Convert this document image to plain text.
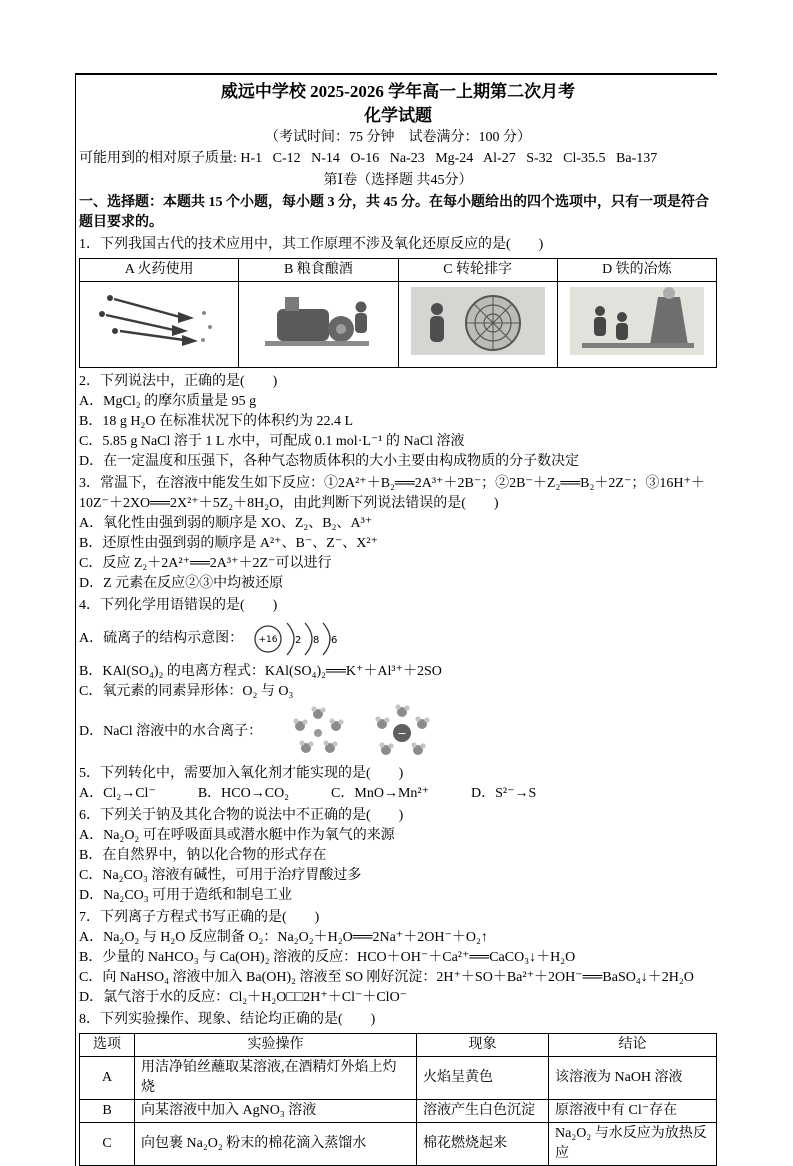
威远中学校 2025-2026 学年高一上期第二次月考
化学试题
（考试时间：75 分钟　试卷满分：100 分）
可能用到的相对原子质量: H-1   C-12   N-14   O-16   Na-23   Mg-24   Al-27   S-32   Cl-35.5   Ba-137
第Ⅰ卷（选择题 共45分）
一、选择题：本题共 15 个小题，每小题 3 分，共 45 分。在每小题给出的四个选项中，只有一项是符合题目要求的。
1．下列我国古代的技术应用中，其工作原理不涉及氧化还原反应的是(　　)
A 火药使用	B 粮食酿酒	C 转轮排字	D 铁的冶炼

2．下列说法中，正确的是(　　)
A．MgCl₂ 的摩尔质量是 95 g
B．18 g H₂O 在标准状况下的体积约为 22.4 L
C．5.85 g NaCl 溶于 1 L 水中，可配成 0.1 mol·L⁻¹ 的 NaCl 溶液
D．在一定温度和压强下，各种气态物质体积的大小主要由构成物质的分子数决定
3．常温下，在溶液中能发生如下反应：①2A²⁺＋B₂══2A³⁺＋2B⁻；②2B⁻＋Z₂══B₂＋2Z⁻；③16H⁺＋10Z⁻＋2XO══2X²⁺＋5Z₂＋8H₂O，由此判断下列说法错误的是(　　)
A．氧化性由强到弱的顺序是 XO、Z₂、B₂、A³⁺
B．还原性由强到弱的顺序是 A²⁺、B⁻、Z⁻、X²⁺
C．反应 Z₂＋2A²⁺══2A³⁺＋2Z⁻可以进行
D．Z 元素在反应②③中均被还原
4．下列化学用语错误的是(　　)
A．硫离子的结构示意图： +16 2 8 6
B．KAl(SO₄)₂ 的电离方程式：KAl(SO₄)₂══K⁺＋Al³⁺＋2SO
C．氧元素的同素异形体：O₂ 与 O₃
D．NaCl 溶液中的水合离子：	−
5．下列转化中，需要加入氧化剂才能实现的是(　　)
A．Cl₂→Cl⁻　　　B．HCO→CO₂　　　C．MnO→Mn²⁺　　　D．S²⁻→S
6．下列关于钠及其化合物的说法中不正确的是(　　)
A．Na₂O₂ 可在呼吸面具或潜水艇中作为氧气的来源
B．在自然界中，钠以化合物的形式存在
C．Na₂CO₃ 溶液有碱性，可用于治疗胃酸过多
D．Na₂CO₃ 可用于造纸和制皂工业
7．下列离子方程式书写正确的是(　　)
A．Na₂O₂ 与 H₂O 反应制备 O₂：Na₂O₂＋H₂O══2Na⁺＋2OH⁻＋O₂↑
B．少量的 NaHCO₃ 与 Ca(OH)₂ 溶液的反应：HCO＋OH⁻＋Ca²⁺══CaCO₃↓＋H₂O
C．向 NaHSO₄ 溶液中加入 Ba(OH)₂ 溶液至 SO 刚好沉淀：2H⁺＋SO＋Ba²⁺＋2OH⁻══BaSO₄↓＋2H₂O
D．氯气溶于水的反应：Cl₂＋H₂O□□2H⁺＋Cl⁻＋ClO⁻
8．下列实验操作、现象、结论均正确的是(　　)
选项	实验操作	现象	结论
A	用洁净铂丝蘸取某溶液,在酒精灯外焰上灼烧	火焰呈黄色	该溶液为 NaOH 溶液
B	向某溶液中加入 AgNO₃ 溶液	溶液产生白色沉淀	原溶液中有 Cl⁻存在
C	向包裹 Na₂O₂ 粉末的棉花滴入蒸馏水	棉花燃烧起来	Na₂O₂ 与水反应为放热反应
